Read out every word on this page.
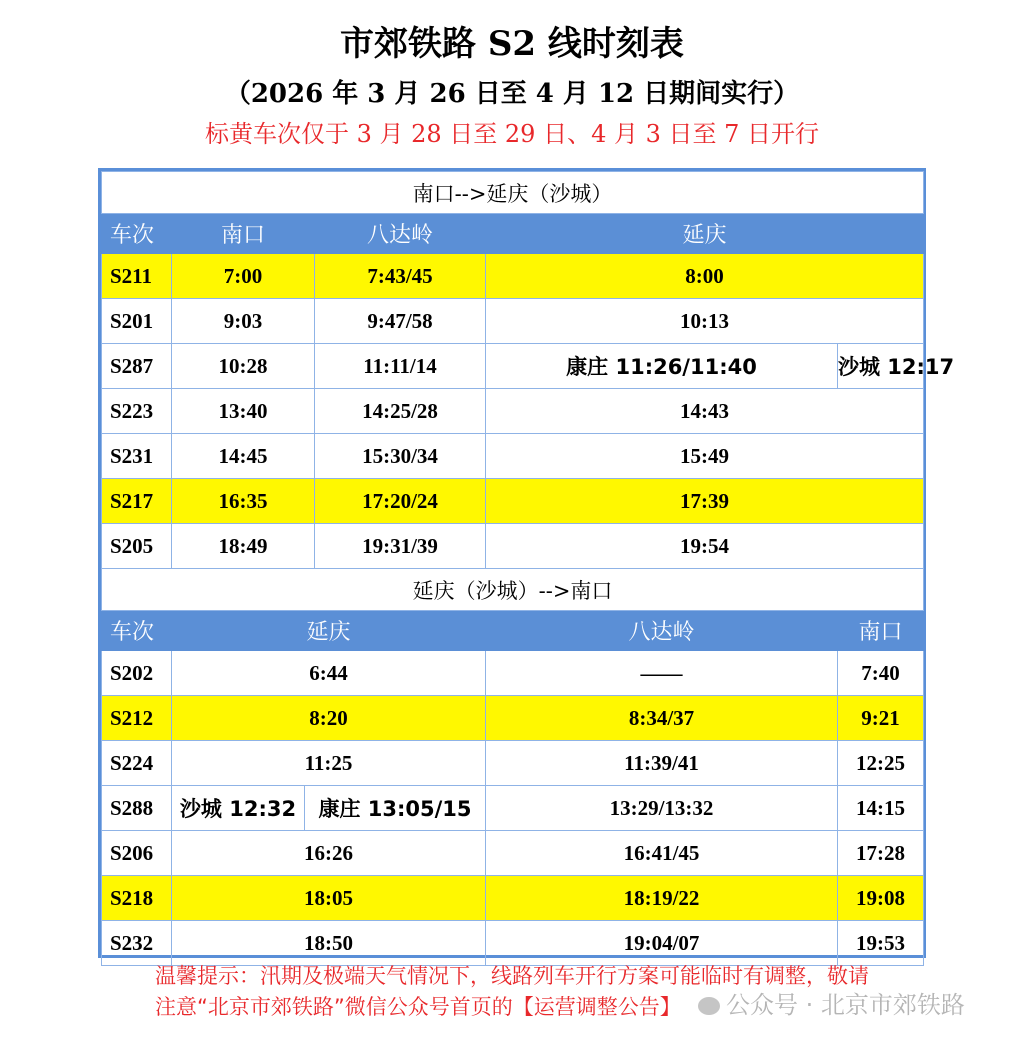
市郊铁路 S2 线时刻表
（2026 年 3 月 26 日至 4 月 12 日期间实行）
标黄车次仅于 3 月 28 日至 29 日、4 月 3 日至 7 日开行
南口-->延庆（沙城）					
车次	南口		八达岭	延庆	
S211	7:00		7:43/45	8:00	
S201	9:03		9:47/58	10:13	
S287	10:28		11:11/14	康庄 11:26/11:40	沙城 12:17
S223	13:40		14:25/28	14:43	
S231	14:45		15:30/34	15:49	
S217	16:35		17:20/24	17:39	
S205	18:49		19:31/39	19:54	
延庆（沙城）-->南口					
车次	延庆			八达岭	南口
S202	6:44			——	7:40
S212	8:20			8:34/37	9:21
S224	11:25			11:39/41	12:25
S288	沙城 12:32	康庄 13:05/15		13:29/13:32	14:15
S206	16:26			16:41/45	17:28
S218	18:05			18:19/22	19:08
S232	18:50			19:04/07	19:53
温馨提示：汛期及极端天气情况下，线路列车开行方案可能临时有调整，敬请注意“北京市郊铁路”微信公众号首页的【运营调整公告】	公众号 · 北京市郊铁路
